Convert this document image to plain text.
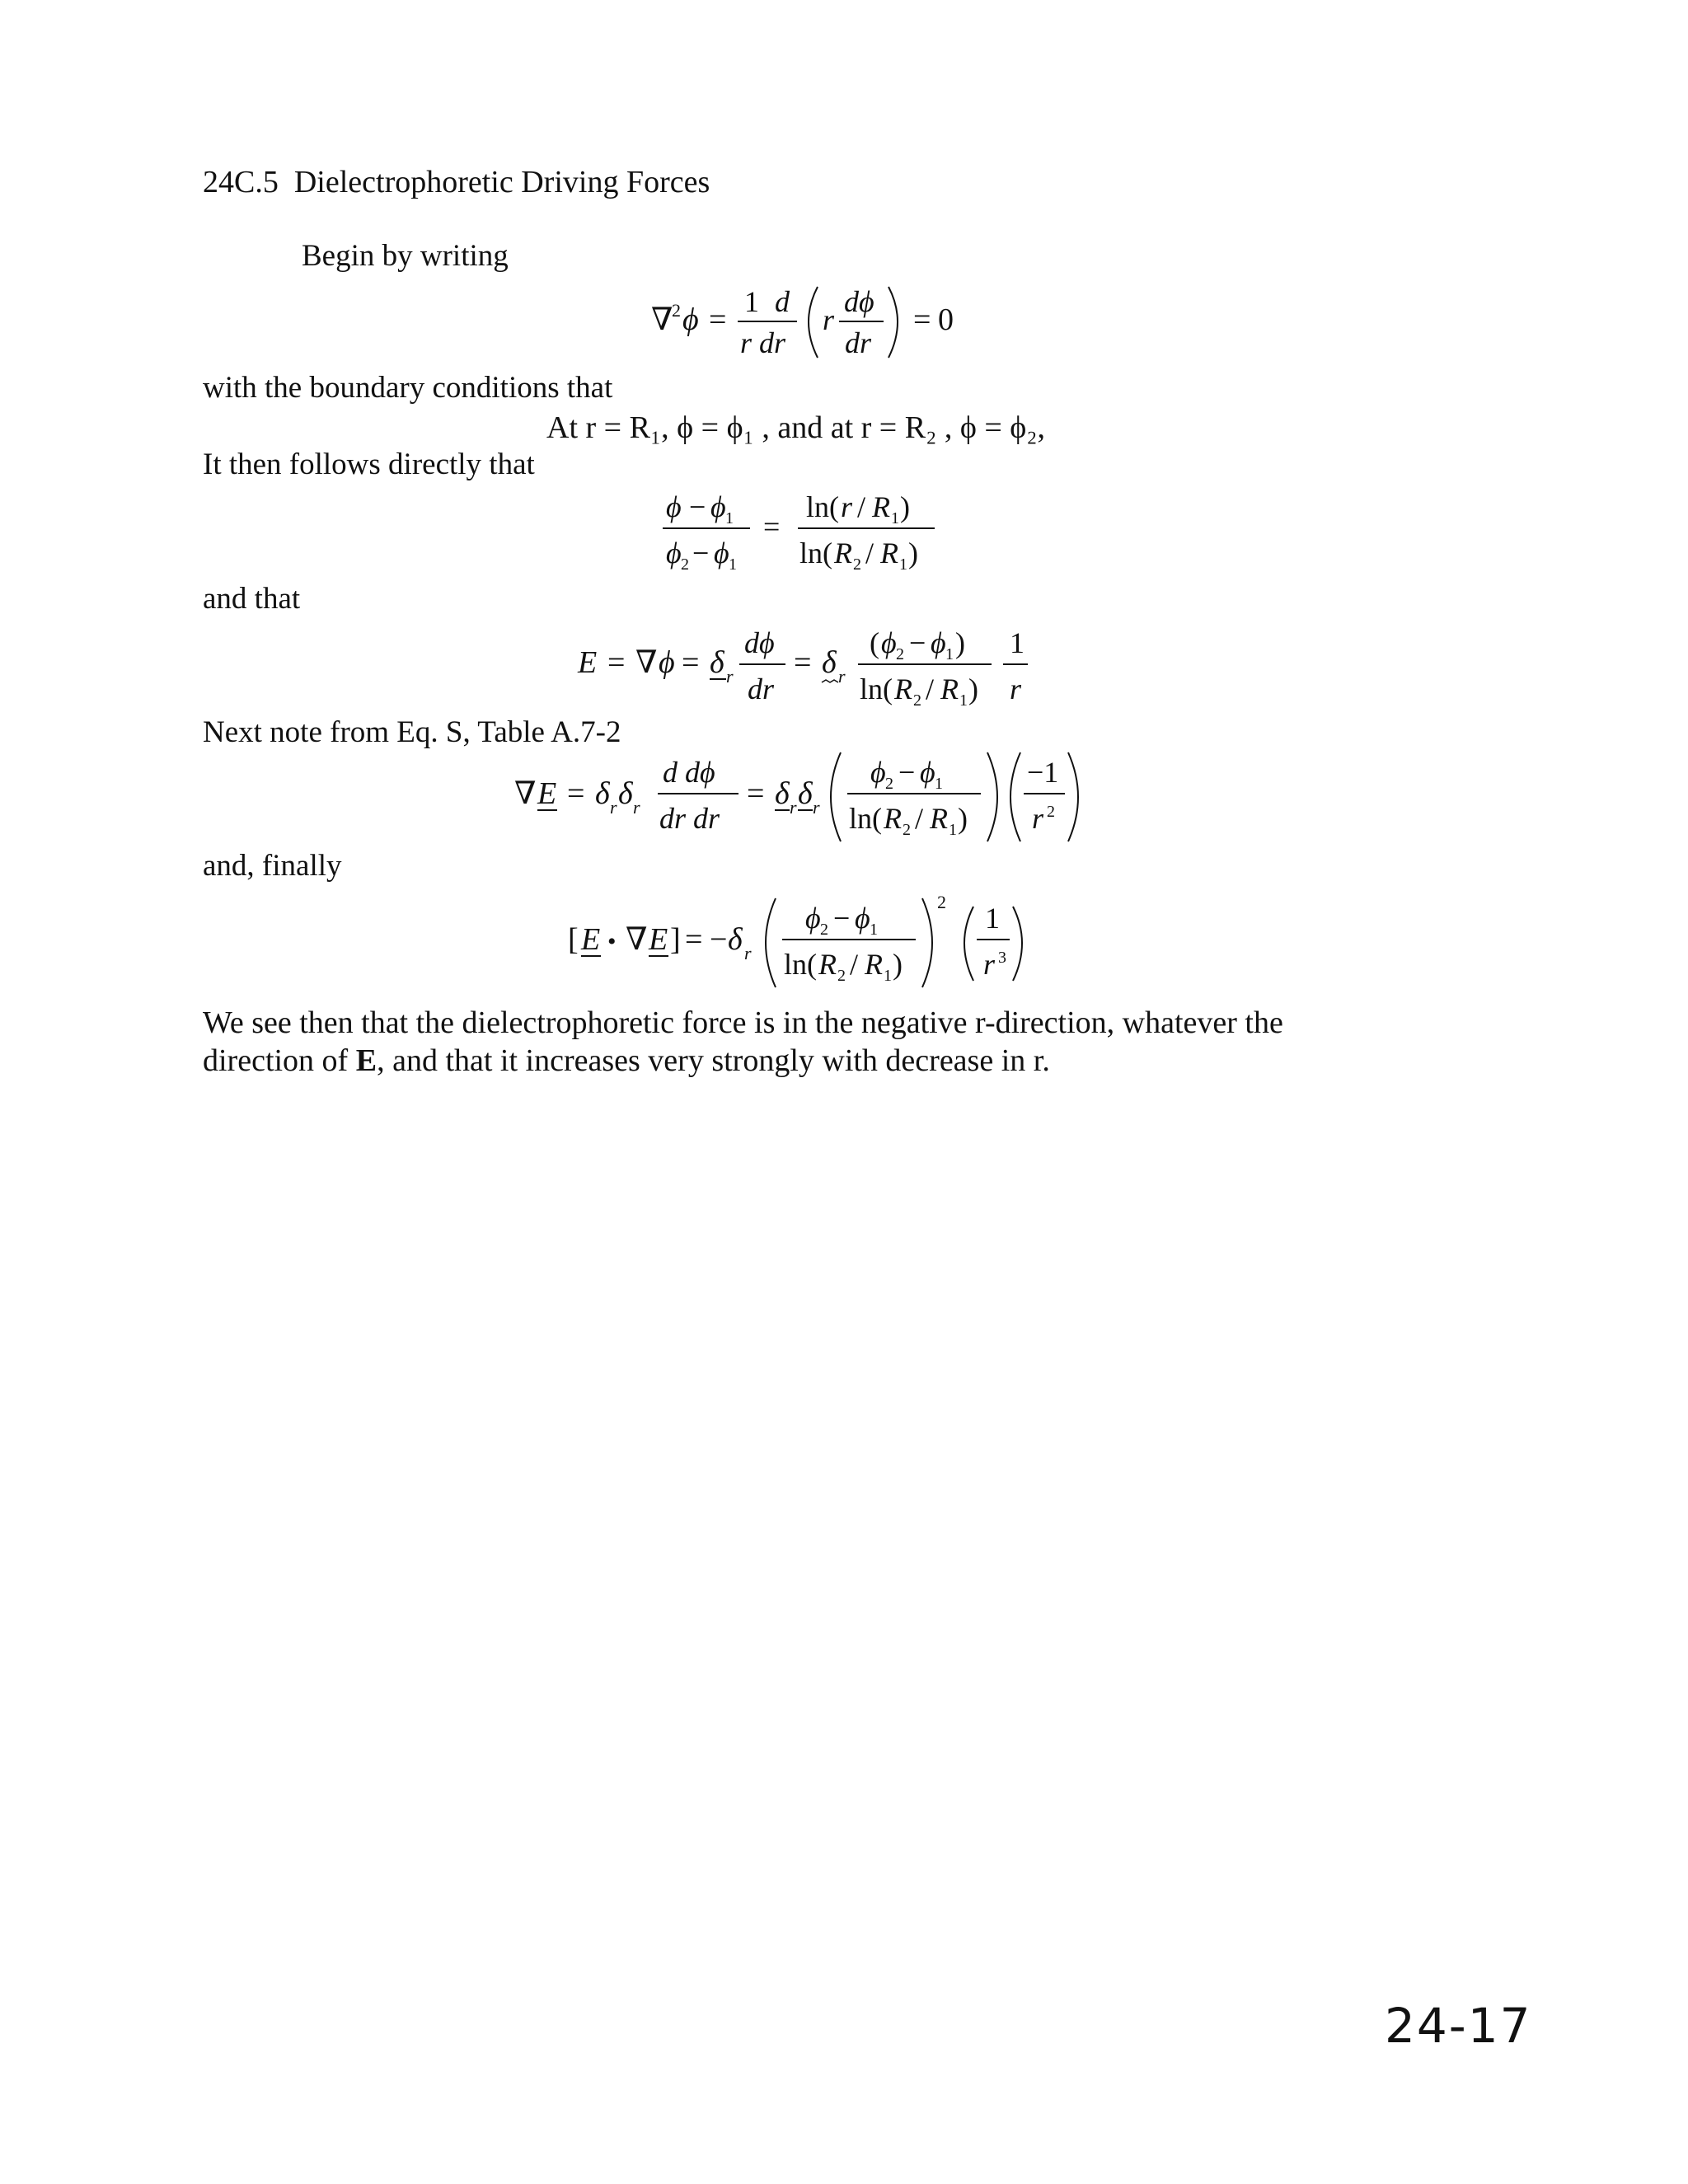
24C.5 Dielectrophoretic Driving Forces
Begin by writing
∇
2 ϕ =
1 d
r dr
r
dϕ
dr
= 0
with the boundary conditions that
At r = R₁, ϕ = ϕ₁ , and at r = R₂ , ϕ = ϕ₂,
It then follows directly that
ϕ − ϕ 1
ϕ 2 − ϕ 1
=
ln( r / R 1 )
ln( R 2 / R 1 )
and that
E = ∇ ϕ = δ r
dϕ
dr
= δ r
( ϕ 2 − ϕ 1 )
ln( R 2 / R 1 )
1
r
Next note from Eq. S, Table A.7-2
∇ E = δ r δ r
d dϕ
dr dr
= δ r δ r
ϕ 2 − ϕ 1
ln( R 2 / R 1 )
−1
r 2
and, finally
[ E • ∇ E ] = − δ r
ϕ 2 − ϕ 1
ln( R 2 / R 1 )
2 1
r 3
We see then that the dielectrophoretic force is in the negative r-direction, whatever the
direction of E, and that it increases very strongly with decrease in r.
24-17
